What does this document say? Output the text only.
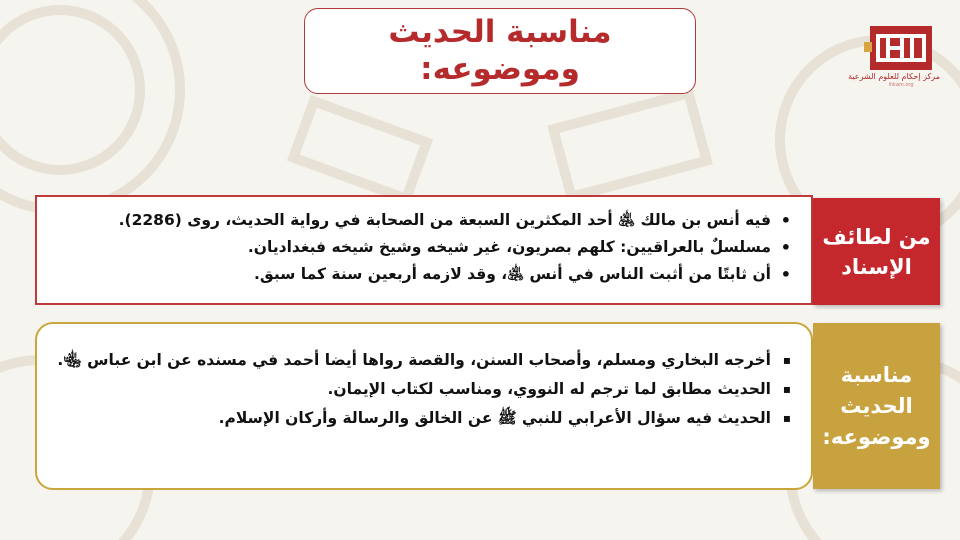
مناسبة الحديث
وموضوعه:	مركز إحكام للعلوم الشرعية
ihkam.org
• فيه أنس بن مالك ﵁ أحد المكثرين السبعة من الصحابة في رواية الحديث، روى (2286).
• مسلسلٌ بالعراقيين: كلهم بصريون، غير شيخه وشيخ شيخه فبغداديان.
• أن ثابتًا من أثبت الناس في أنس ﵁، وقد لازمه أربعين سنة كما سبق.
من لطائف
الإسناد
▪ أخرجه البخاري ومسلم، وأصحاب السنن، والقصة رواها أيضا أحمد في مسنده عن ابن عباس ﵄.
▪ الحديث مطابق لما ترجم له النووي، ومناسب لكتاب الإيمان.
▪ الحديث فيه سؤال الأعرابي للنبي ﷺ عن الخالق والرسالة وأركان الإسلام.
مناسبة
الحديث
وموضوعه:
